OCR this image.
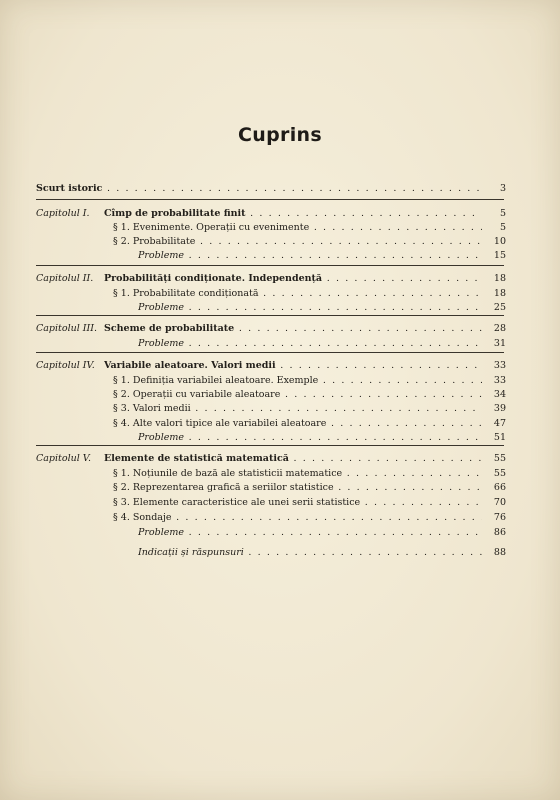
Cuprins
Scurt istoric . . .	3
Capitolul I. Cîmp de probabilitate finit . . .	5
§ 1. Evenimente. Operații cu evenimente . . .	5
§ 2. Probabilitate . . .	10
Probleme . . .	15
Capitolul II. Probabilități condiționate. Independență . . .	18
§ 1. Probabilitate condiționată . . .	18
Probleme . . .	25
Capitolul III. Scheme de probabilitate . . .	28
Probleme . . .	31
Capitolul IV. Variabile aleatoare. Valori medii . . .	33
§ 1. Definiția variabilei aleatoare. Exemple . . .	33
§ 2. Operații cu variabile aleatoare . . .	34
§ 3. Valori medii . . .	39
§ 4. Alte valori tipice ale variabilei aleatoare . . .	47
Probleme . . .	51
Capitolul V. Elemente de statistică matematică . . .	55
§ 1. Noțiunile de bază ale statisticii matematice . . .	55
§ 2. Reprezentarea grafică a seriilor statistice . . .	66
§ 3. Elemente caracteristice ale unei serii statistice . . .	70
§ 4. Sondaje . . .	76
Probleme . . .	86
Indicații și răspunsuri . . .	88
